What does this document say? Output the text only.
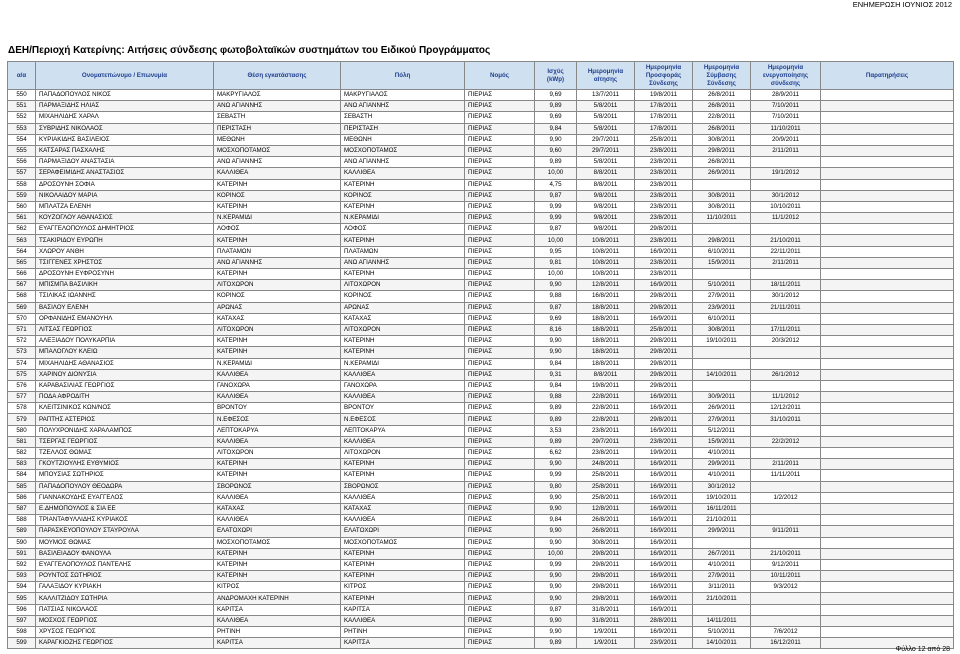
ΕΝΗΜΕΡΩΣΗ ΙΟΥΝΙΟΣ 2012
ΔΕΗ/Περιοχή Κατερίνης: Αιτήσεις σύνδεσης φωτοβολταϊκών συστημάτων του Ειδικού Προγράμματος
α/α	Ονοματεπώνυμο / Επωνυμία	Θέση εγκατάστασης	Πόλη	Νομός	Ισχύς (kWp)	Ημερομηνία αίτησης	Ημερομηνία Προσφοράς Σύνδεσης	Ημερομηνία Σύμβασης Σύνδεσης	Ημερομηνία ενεργοποίησης σύνδεσης	Παρατηρήσεις
550	ΠΑΠΑΔΟΠΟΥΛΟΣ ΝΙΚΟΣ	ΜΑΚΡΥΓΙΑΛΟΣ	ΜΑΚΡΥΓΙΑΛΟΣ	ΠΙΕΡΙΑΣ	9,69	13/7/2011	19/8/2011	26/8/2011	28/9/2011	
551	ΠΑΡΜΑΞΙΔΗΣ ΗΛΙΑΣ	ΑΝΩ ΑΓΙΑΝΝΗΣ	ΑΝΩ ΑΓΙΑΝΝΗΣ	ΠΙΕΡΙΑΣ	9,89	5/8/2011	17/8/2011	26/8/2011	7/10/2011	
552	ΜΙΧΑΗΛΙΔΗΣ ΧΑΡΑΛ	ΣΕΒΑΣΤΗ	ΣΕΒΑΣΤΗ	ΠΙΕΡΙΑΣ	9,69	5/8/2011	17/8/2011	22/8/2011	7/10/2011	
553	ΣΥΒΡΙΔΗΣ ΝΙΚΟΛΑΟΣ	ΠΕΡΙΣΤΑΣΗ	ΠΕΡΙΣΤΑΣΗ	ΠΙΕΡΙΑΣ	9,84	5/8/2011	17/8/2011	26/8/2011	11/10/2011	
554	ΚΥΡΙΑΚΙΔΗΣ ΒΑΣΙΛΕΙΟΣ	ΜΕΘΩΝΗ	ΜΕΘΩΝΗ	ΠΙΕΡΙΑΣ	9,90	29/7/2011	25/8/2011	30/8/2011	20/9/2011	
555	ΚΑΤΣΑΡΑΣ ΠΑΣΧΑΛΗΣ	ΜΟΣΧΟΠΟΤΑΜΟΣ	ΜΟΣΧΟΠΟΤΑΜΟΣ	ΠΙΕΡΙΑΣ	9,60	29/7/2011	23/8/2011	29/8/2011	2/11/2011	
556	ΠΑΡΜΑΞΙΔΟΥ ΑΝΑΣΤΑΣΙΑ	ΑΝΩ ΑΓΙΑΝΝΗΣ	ΑΝΩ ΑΓΙΑΝΝΗΣ	ΠΙΕΡΙΑΣ	9,89	5/8/2011	23/8/2011	26/8/2011		
557	ΣΕΡΑΦΕΙΜΙΔΗΣ ΑΝΑΣΤΑΣΙΟΣ	ΚΑΛΛΙΘΕΑ	ΚΑΛΛΙΘΕΑ	ΠΙΕΡΙΑΣ	10,00	8/8/2011	23/8/2011	26/9/2011	19/1/2012	
558	ΔΡΟΣΟΥΝΗ ΣΟΦΙΑ	ΚΑΤΕΡΙΝΗ	ΚΑΤΕΡΙΝΗ	ΠΙΕΡΙΑΣ	4,75	8/8/2011	23/8/2011			
559	ΝΙΚΟΛΑΙΔΟΥ ΜΑΡΙΑ	ΚΟΡΙΝΟΣ	ΚΟΡΙΝΟΣ	ΠΙΕΡΙΑΣ	9,87	9/8/2011	23/8/2011	30/8/2011	30/1/2012	
560	ΜΠΛΑΤΖΑ ΕΛΕΝΗ	ΚΑΤΕΡΙΝΗ	ΚΑΤΕΡΙΝΗ	ΠΙΕΡΙΑΣ	9,99	9/8/2011	23/8/2011	30/8/2011	10/10/2011	
561	ΚΟΥΖΟΓΛΟΥ ΑΘΑΝΑΣΙΟΣ	Ν.ΚΕΡΑΜΙΔΙ	Ν.ΚΕΡΑΜΙΔΙ	ΠΙΕΡΙΑΣ	9,99	9/8/2011	23/8/2011	11/10/2011	11/1/2012	
562	ΕΥΑΓΓΕΛΟΠΟΥΛΟΣ ΔΗΜΗΤΡΙΟΣ	ΛΟΦΟΣ	ΛΟΦΟΣ	ΠΙΕΡΙΑΣ	9,87	9/8/2011	29/8/2011			
563	ΤΣΑΚΙΡΙΔΟΥ ΕΥΡΩΠΗ	ΚΑΤΕΡΙΝΗ	ΚΑΤΕΡΙΝΗ	ΠΙΕΡΙΑΣ	10,00	10/8/2011	23/8/2011	29/8/2011	21/10/2011	
564	ΧΛΩΡΟΥ ΑΝΘΗ	ΠΛΑΤΑΜΩΝ	ΠΛΑΤΑΜΩΝ	ΠΙΕΡΙΑΣ	9,95	10/8/2011	16/9/2011	6/10/2011	22/11/2011	
565	ΤΣΙΓΓΕΝΕΣ ΧΡΗΣΤΟΣ	ΑΝΩ ΑΓΙΑΝΝΗΣ	ΑΝΩ ΑΓΙΑΝΝΗΣ	ΠΙΕΡΙΑΣ	9,81	10/8/2011	23/8/2011	15/9/2011	2/11/2011	
566	ΔΡΟΣΟΥΝΗ ΕΥΦΡΟΣΥΝΗ	ΚΑΤΕΡΙΝΗ	ΚΑΤΕΡΙΝΗ	ΠΙΕΡΙΑΣ	10,00	10/8/2011	23/8/2011			
567	ΜΠΙΣΜΠΑ ΒΑΣΙΛΙΚΗ	ΛΙΤΟΧΩΡΟΝ	ΛΙΤΟΧΩΡΟΝ	ΠΙΕΡΙΑΣ	9,90	12/8/2011	16/9/2011	5/10/2011	18/11/2011	
568	ΤΣΙΛΙΚΑΣ ΙΩΑΝΝΗΣ	ΚΟΡΙΝΟΣ	ΚΟΡΙΝΟΣ	ΠΙΕΡΙΑΣ	9,88	16/8/2011	29/8/2011	27/9/2011	30/1/2012	
569	ΒΑΣΙΛΟΥ ΕΛΕΝΗ	ΑΡΩΝΑΣ	ΑΡΩΝΑΣ	ΠΙΕΡΙΑΣ	9,87	18/8/2011	29/8/2011	23/9/2011	21/11/2011	
570	ΟΡΦΑΝΙΔΗΣ ΕΜΑΝΟΥΗΛ	ΚΑΤΑΧΑΣ	ΚΑΤΑΧΑΣ	ΠΙΕΡΙΑΣ	9,69	18/8/2011	16/9/2011	6/10/2011		
571	ΛΙΤΣΑΣ ΓΕΩΡΓΙΟΣ	ΛΙΤΟΧΩΡΟΝ	ΛΙΤΟΧΩΡΟΝ	ΠΙΕΡΙΑΣ	8,16	18/8/2011	25/8/2011	30/8/2011	17/11/2011	
572	ΑΛΕΞΙΑΔΟΥ ΠΟΛΥΚΑΡΠΙΑ	ΚΑΤΕΡΙΝΗ	ΚΑΤΕΡΙΝΗ	ΠΙΕΡΙΑΣ	9,90	18/8/2011	29/8/2011	19/10/2011	20/3/2012	
573	ΜΠΑΛΟΓΛΟΥ ΚΛΕΙΩ	ΚΑΤΕΡΙΝΗ	ΚΑΤΕΡΙΝΗ	ΠΙΕΡΙΑΣ	9,90	18/8/2011	29/8/2011			
574	ΜΙΧΑΗΛΙΔΗΣ ΑΘΑΝΑΣΙΟΣ	Ν.ΚΕΡΑΜΙΔΙ	Ν.ΚΕΡΑΜΙΔΙ	ΠΙΕΡΙΑΣ	9,84	18/8/2011	29/8/2011			
575	ΧΑΡΙΝΟΥ ΔΙΟΝΥΣΙΑ	ΚΑΛΛΙΘΕΑ	ΚΑΛΛΙΘΕΑ	ΠΙΕΡΙΑΣ	9,31	8/8/2011	29/8/2011	14/10/2011	26/1/2012	
576	ΚΑΡΑΒΑΣΙΛΙΑΣ ΓΕΩΡΓΙΟΣ	ΓΑΝΟΧΩΡΑ	ΓΑΝΟΧΩΡΑ	ΠΙΕΡΙΑΣ	9,84	19/8/2011	29/8/2011			
577	ΠΟΔΑ ΑΦΡΟΔΙΤΗ	ΚΑΛΛΙΘΕΑ	ΚΑΛΛΙΘΕΑ	ΠΙΕΡΙΑΣ	9,88	22/8/2011	16/9/2011	30/9/2011	11/1/2012	
578	ΚΛΕΙΤΣΙΝΙΚΟΣ ΚΩΝ/ΝΟΣ	ΒΡΟΝΤΟΥ	ΒΡΟΝΤΟΥ	ΠΙΕΡΙΑΣ	9,89	22/8/2011	16/9/2011	26/9/2011	12/12/2011	
579	ΡΑΠΤΗΣ ΑΣΤΕΡΙΟΣ	Ν.ΕΦΕΣΟΣ	Ν.ΕΦΕΣΟΣ	ΠΙΕΡΙΑΣ	9,89	22/8/2011	29/8/2011	27/9/2011	31/10/2011	
580	ΠΟΛΥΧΡΟΝΙΔΗΣ ΧΑΡΑΛΑΜΠΟΣ	ΛΕΠΤΟΚΑΡΥΑ	ΛΕΠΤΟΚΑΡΥΑ	ΠΙΕΡΙΑΣ	3,53	23/8/2011	16/9/2011	5/12/2011		
581	ΤΣΕΡΓΑΣ ΓΕΩΡΓΙΟΣ	ΚΑΛΛΙΘΕΑ	ΚΑΛΛΙΘΕΑ	ΠΙΕΡΙΑΣ	9,89	29/7/2011	23/8/2011	15/9/2011	22/2/2012	
582	ΤΖΕΛΛΟΣ ΘΩΜΑΣ	ΛΙΤΟΧΩΡΟΝ	ΛΙΤΟΧΩΡΟΝ	ΠΙΕΡΙΑΣ	6,62	23/8/2011	19/9/2011	4/10/2011		
583	ΓΚΟΥΤΖΙΟΥΛΗΣ ΕΥΘΥΜΙΟΣ	ΚΑΤΕΡΙΝΗ	ΚΑΤΕΡΙΝΗ	ΠΙΕΡΙΑΣ	9,90	24/8/2011	16/9/2011	29/9/2011	2/11/2011	
584	ΜΠΟΥΣΙΑΣ ΣΩΤΗΡΙΟΣ	ΚΑΤΕΡΙΝΗ	ΚΑΤΕΡΙΝΗ	ΠΙΕΡΙΑΣ	9,99	25/8/2011	16/9/2011	4/10/2011	11/11/2011	
585	ΠΑΠΑΔΟΠΟΥΛΟΥ ΘΕΟΔΩΡΑ	ΣΒΟΡΩΝΟΣ	ΣΒΟΡΩΝΟΣ	ΠΙΕΡΙΑΣ	9,80	25/8/2011	16/9/2011	30/1/2012		
586	ΓΙΑΝΝΑΚΟΥΔΗΣ ΕΥΑΓΓΕΛΟΣ	ΚΑΛΛΙΘΕΑ	ΚΑΛΛΙΘΕΑ	ΠΙΕΡΙΑΣ	9,90	25/8/2011	16/9/2011	19/10/2011	1/2/2012	
587	Ε.ΔΗΜΟΠΟΥΛΟΣ & ΣΙΑ ΕΕ	ΚΑΤΑΧΑΣ	ΚΑΤΑΧΑΣ	ΠΙΕΡΙΑΣ	9,90	12/8/2011	16/9/2011	16/11/2011		
588	ΤΡΙΑΝΤΑΦΥΛΛΙΔΗΣ ΚΥΡΙΑΚΟΣ	ΚΑΛΛΙΘΕΑ	ΚΑΛΛΙΘΕΑ	ΠΙΕΡΙΑΣ	9,84	26/8/2011	16/9/2011	21/10/2011		
589	ΠΑΡΑΣΚΕΥΟΠΟΥΛΟΥ ΣΤΑΥΡΟΥΛΑ	ΕΛΑΤΟΧΩΡΙ	ΕΛΑΤΟΧΩΡΙ	ΠΙΕΡΙΑΣ	9,90	26/8/2011	16/9/2011	29/9/2011	9/11/2011	
590	ΜΟΥΜΟΣ ΘΩΜΑΣ	ΜΟΣΧΟΠΟΤΑΜΟΣ	ΜΟΣΧΟΠΟΤΑΜΟΣ	ΠΙΕΡΙΑΣ	9,90	30/8/2011	16/9/2011			
591	ΒΑΣΙΛΕΙΑΔΟΥ ΦΑΝΟΥΛΑ	ΚΑΤΕΡΙΝΗ	ΚΑΤΕΡΙΝΗ	ΠΙΕΡΙΑΣ	10,00	29/8/2011	16/9/2011	26/7/2011	21/10/2011	
592	ΕΥΑΓΓΕΛΟΠΟΥΛΟΣ ΠΑΝΤΕΛΗΣ	ΚΑΤΕΡΙΝΗ	ΚΑΤΕΡΙΝΗ	ΠΙΕΡΙΑΣ	9,99	29/8/2011	16/9/2011	4/10/2011	9/12/2011	
593	ΡΟΥΝΤΟΣ ΣΩΤΗΡΙΟΣ	ΚΑΤΕΡΙΝΗ	ΚΑΤΕΡΙΝΗ	ΠΙΕΡΙΑΣ	9,90	29/8/2011	16/9/2011	27/9/2011	10/11/2011	
594	ΓΑΛΑΞΙΔΟΥ ΚΥΡΙΑΚΗ	ΚΙΤΡΟΣ	ΚΙΤΡΟΣ	ΠΙΕΡΙΑΣ	9,90	29/8/2011	16/9/2011	3/11/2011	9/3/2012	
595	ΚΑΛΛΙΤΖΙΔΟΥ ΣΩΤΗΡΙΑ	ΑΝΔΡΟΜΑΧΗ ΚΑΤΕΡΙΝΗ	ΚΑΤΕΡΙΝΗ	ΠΙΕΡΙΑΣ	9,90	29/8/2011	16/9/2011	21/10/2011		
596	ΠΑΤΣΙΑΣ ΝΙΚΟΛΑΟΣ	ΚΑΡΙΤΣΑ	ΚΑΡΙΤΣΑ	ΠΙΕΡΙΑΣ	9,87	31/8/2011	16/9/2011			
597	ΜΟΣΧΟΣ ΓΕΩΡΓΙΟΣ	ΚΑΛΛΙΘΕΑ	ΚΑΛΛΙΘΕΑ	ΠΙΕΡΙΑΣ	9,90	31/8/2011	28/8/2011	14/11/2011		
598	ΧΡΥΣΟΣ ΓΕΩΡΓΙΟΣ	ΡΗΤΙΝΗ	ΡΗΤΙΝΗ	ΠΙΕΡΙΑΣ	9,90	1/9/2011	16/9/2011	5/10/2011	7/6/2012	
599	ΚΑΡΑΓΚΙΟΖΗΣ ΓΕΩΡΓΙΟΣ	ΚΑΡΙΤΣΑ	ΚΑΡΙΤΣΑ	ΠΙΕΡΙΑΣ	9,89	1/9/2011	23/9/2011	14/10/2011	16/12/2011	
Φύλλο 12 από 28
